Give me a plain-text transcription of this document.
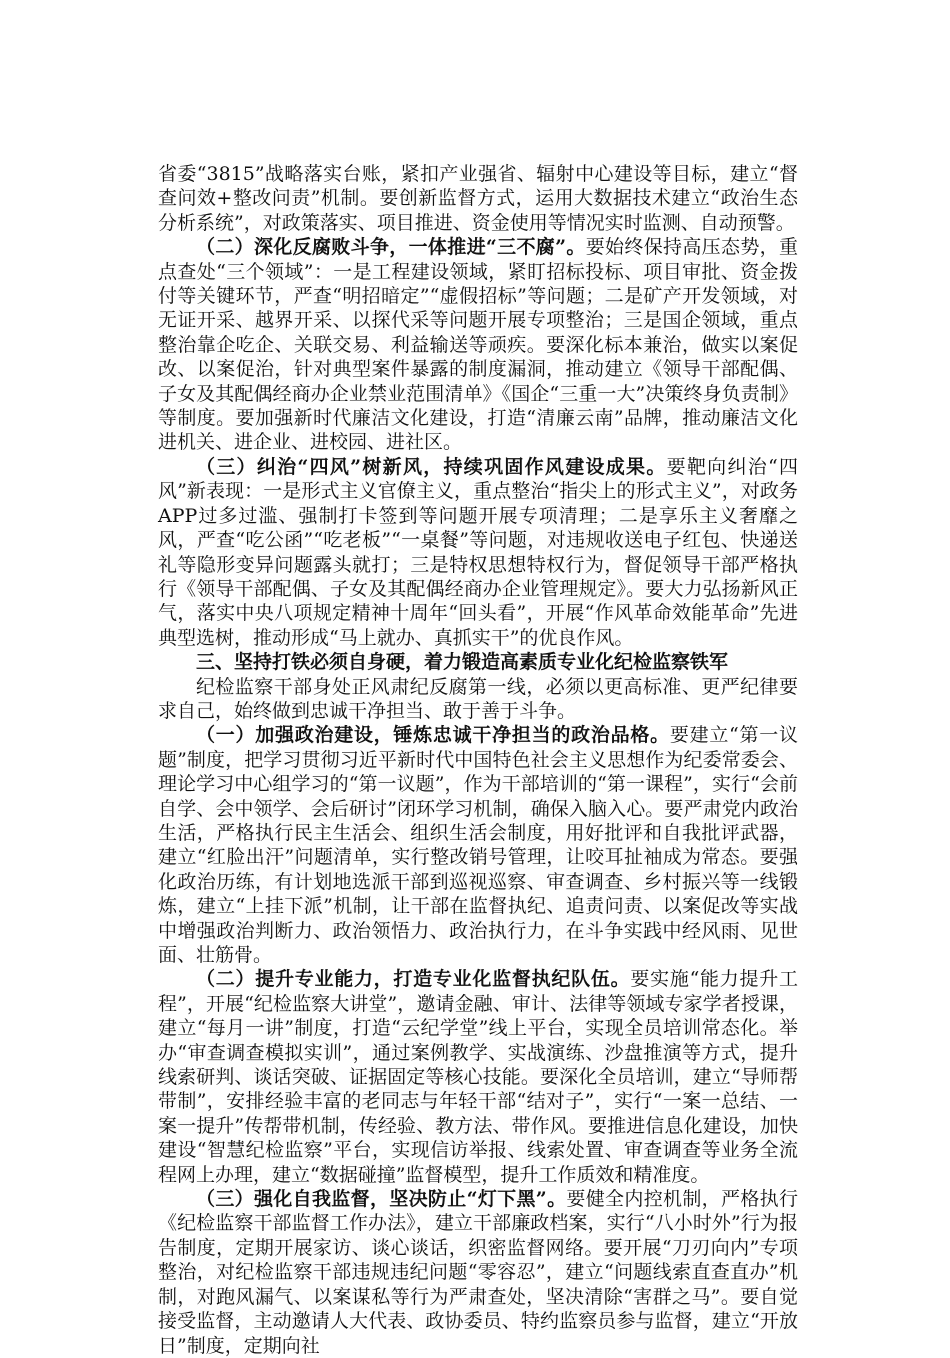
省委“3815”战略落实台账，紧扣产业强省、辐射中心建设等目标，建立“督查问效+整改问责”机制。要创新监督方式，运用大数据技术建立“政治生态分析系统”，对政策落实、项目推进、资金使用等情况实时监测、自动预警。

（二）深化反腐败斗争，一体推进“三不腐”。要始终保持高压态势，重点查处“三个领域”：一是工程建设领域，紧盯招标投标、项目审批、资金拨付等关键环节，严查“明招暗定”“虚假招标”等问题；二是矿产开发领域，对无证开采、越界开采、以探代采等问题开展专项整治；三是国企领域，重点整治靠企吃企、关联交易、利益输送等顽疾。要深化标本兼治，做实以案促改、以案促治，针对典型案件暴露的制度漏洞，推动建立《领导干部配偶、子女及其配偶经商办企业禁业范围清单》《国企“三重一大”决策终身负责制》等制度。要加强新时代廉洁文化建设，打造“清廉云南”品牌，推动廉洁文化进机关、进企业、进校园、进社区。

（三）纠治“四风”树新风，持续巩固作风建设成果。要靶向纠治“四风”新表现：一是形式主义官僚主义，重点整治“指尖上的形式主义”，对政务APP过多过滥、强制打卡签到等问题开展专项清理；二是享乐主义奢靡之风，严查“吃公函”“吃老板”“一桌餐”等问题，对违规收送电子红包、快递送礼等隐形变异问题露头就打；三是特权思想特权行为，督促领导干部严格执行《领导干部配偶、子女及其配偶经商办企业管理规定》。要大力弘扬新风正气，落实中央八项规定精神十周年“回头看”，开展“作风革命效能革命”先进典型选树，推动形成“马上就办、真抓实干”的优良作风。

三、坚持打铁必须自身硬，着力锻造高素质专业化纪检监察铁军

纪检监察干部身处正风肃纪反腐第一线，必须以更高标准、更严纪律要求自己，始终做到忠诚干净担当、敢于善于斗争。

（一）加强政治建设，锤炼忠诚干净担当的政治品格。要建立“第一议题”制度，把学习贯彻习近平新时代中国特色社会主义思想作为纪委常委会、理论学习中心组学习的“第一议题”，作为干部培训的“第一课程”，实行“会前自学、会中领学、会后研讨”闭环学习机制，确保入脑入心。要严肃党内政治生活，严格执行民主生活会、组织生活会制度，用好批评和自我批评武器，建立“红脸出汗”问题清单，实行整改销号管理，让咬耳扯袖成为常态。要强化政治历练，有计划地选派干部到巡视巡察、审查调查、乡村振兴等一线锻炼，建立“上挂下派”机制，让干部在监督执纪、追责问责、以案促改等实战中增强政治判断力、政治领悟力、政治执行力，在斗争实践中经风雨、见世面、壮筋骨。

（二）提升专业能力，打造专业化监督执纪队伍。要实施“能力提升工程”，开展“纪检监察大讲堂”，邀请金融、审计、法律等领域专家学者授课，建立“每月一讲”制度，打造“云纪学堂”线上平台，实现全员培训常态化。举办“审查调查模拟实训”，通过案例教学、实战演练、沙盘推演等方式，提升线索研判、谈话突破、证据固定等核心技能。要深化全员培训，建立“导师帮带制”，安排经验丰富的老同志与年轻干部“结对子”，实行“一案一总结、一案一提升”传帮带机制，传经验、教方法、带作风。要推进信息化建设，加快建设“智慧纪检监察”平台，实现信访举报、线索处置、审查调查等业务全流程网上办理，建立“数据碰撞”监督模型，提升工作质效和精准度。

（三）强化自我监督，坚决防止“灯下黑”。要健全内控机制，严格执行《纪检监察干部监督工作办法》，建立干部廉政档案，实行“八小时外”行为报告制度，定期开展家访、谈心谈话，织密监督网络。要开展“刀刃向内”专项整治，对纪检监察干部违规违纪问题“零容忍”，建立“问题线索直查直办”机制，对跑风漏气、以案谋私等行为严肃查处，坚决清除“害群之马”。要自觉接受监督，主动邀请人大代表、政协委员、特约监察员参与监督，建立“开放日”制度，定期向社
